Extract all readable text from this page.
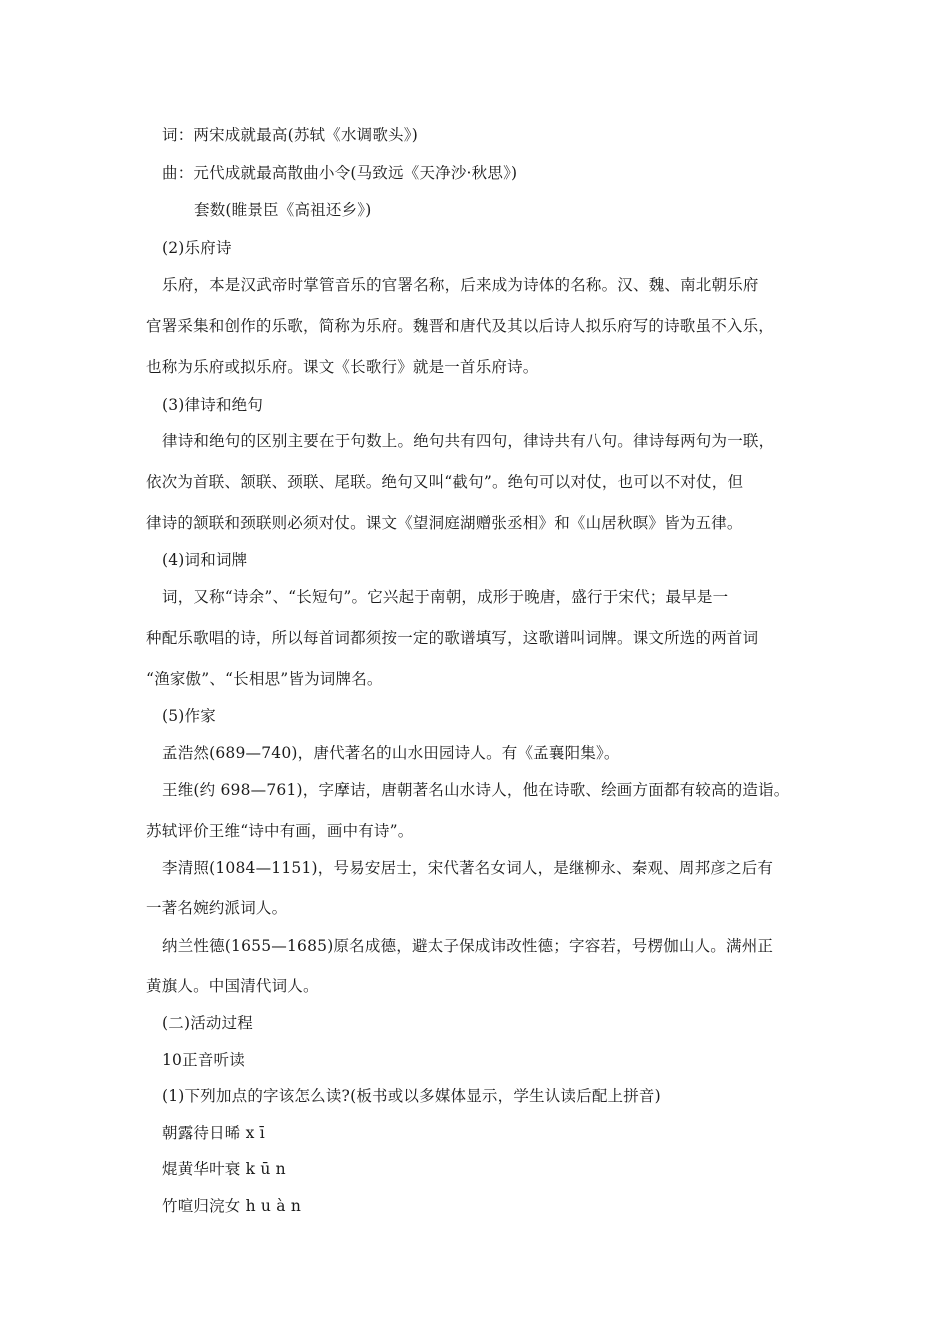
词：两宋成就最高(苏轼《水调歌头》)
曲：元代成就最高散曲小令(马致远《天净沙·秋思》)
套数(睢景臣《高祖还乡》)
(2)乐府诗
乐府，本是汉武帝时掌管音乐的官署名称，后来成为诗体的名称。汉、魏、南北朝乐府
官署采集和创作的乐歌，简称为乐府。魏晋和唐代及其以后诗人拟乐府写的诗歌虽不入乐，
也称为乐府或拟乐府。课文《长歌行》就是一首乐府诗。
(3)律诗和绝句
律诗和绝句的区别主要在于句数上。绝句共有四句，律诗共有八句。律诗每两句为一联，
依次为首联、颔联、颈联、尾联。绝句又叫“截句”。绝句可以对仗，也可以不对仗，但
律诗的颔联和颈联则必须对仗。课文《望洞庭湖赠张丞相》和《山居秋暝》皆为五律。
(4)词和词牌
词，又称“诗余”、“长短句”。它兴起于南朝，成形于晚唐，盛行于宋代；最早是一
种配乐歌唱的诗，所以每首词都须按一定的歌谱填写，这歌谱叫词牌。课文所选的两首词
“渔家傲”、“长相思”皆为词牌名。
(5)作家
孟浩然(689—740)，唐代著名的山水田园诗人。有《孟襄阳集》。
王维(约 698—761)，字摩诘，唐朝著名山水诗人，他在诗歌、绘画方面都有较高的造诣。
苏轼评价王维“诗中有画，画中有诗”。
李清照(1084—1151)，号易安居士，宋代著名女词人，是继柳永、秦观、周邦彦之后有
一著名婉约派词人。
纳兰性德(1655—1685)原名成德，避太子保成讳改性德；字容若，号楞伽山人。满州正
黄旗人。中国清代词人。
(二)活动过程
10正音听读
(1)下列加点的字该怎么读?(板书或以多媒体显示，学生认读后配上拼音)
朝露待日晞 x ī
焜黄华叶衰 k ū n
竹喧归浣女 h u à n
